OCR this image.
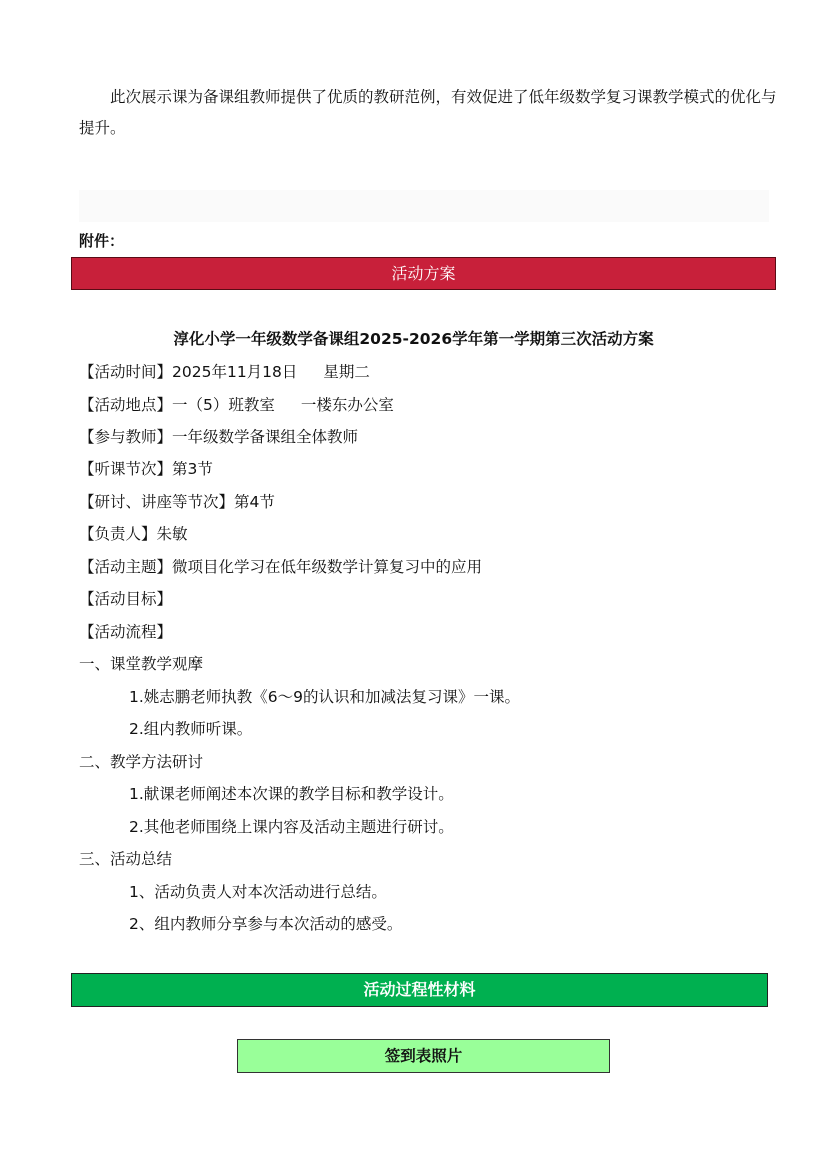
此次展示课为备课组教师提供了优质的教研范例，有效促进了低年级数学复习课教学模式的优化与提升。

附件：
活动方案
淳化小学一年级数学备课组2025-2026学年第一学期第三次活动方案
【活动时间】2025年11月18日 星期二
【活动地点】一（5）班教室 一楼东办公室
【参与教师】一年级数学备课组全体教师
【听课节次】第3节
【研讨、讲座等节次】第4节
【负责人】朱敏
【活动主题】微项目化学习在低年级数学计算复习中的应用
【活动目标】
【活动流程】
一、课堂教学观摩
1.姚志鹏老师执教《6～9的认识和加减法复习课》一课。
2.组内教师听课。
二、教学方法研讨
1.献课老师阐述本次课的教学目标和教学设计。
2.其他老师围绕上课内容及活动主题进行研讨。
三、活动总结
1、活动负责人对本次活动进行总结。
2、组内教师分享参与本次活动的感受。
活动过程性材料
签到表照片
